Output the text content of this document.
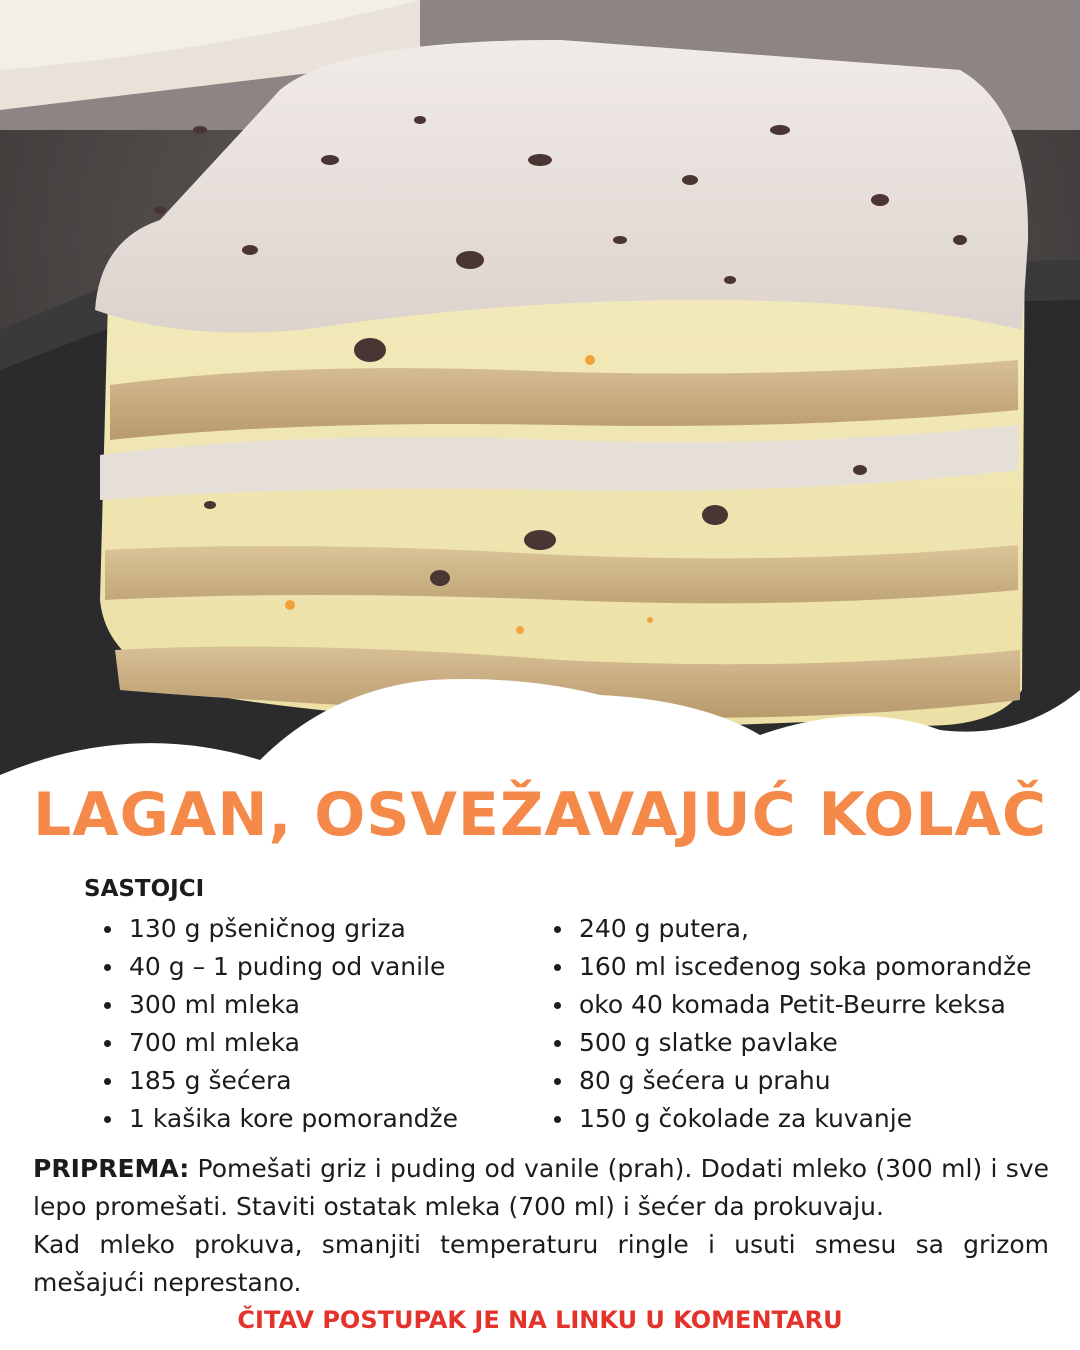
LAGAN, OSVEŽAVAJUĆ KOLAČ
SASTOJCI
130 g pšeničnog griza
40 g – 1 puding od vanile
300 ml mleka
700 ml mleka
185 g šećera
1 kašika kore pomorandže
240 g putera,
160 ml isceđenog soka pomorandže
oko 40 komada Petit-Beurre keksa
500 g slatke pavlake
80 g šećera u prahu
150 g čokolade za kuvanje

PRIPREMA: Pomešati griz i puding od vanile (prah). Dodati mleko (300 ml) i sve lepo promešati. Staviti ostatak mleka (700 ml) i šećer da prokuvaju.

Kad mleko prokuva, smanjiti temperaturu ringle i usuti smesu sa grizom mešajući neprestano.

ČITAV POSTUPAK JE NA LINKU U KOMENTARU
